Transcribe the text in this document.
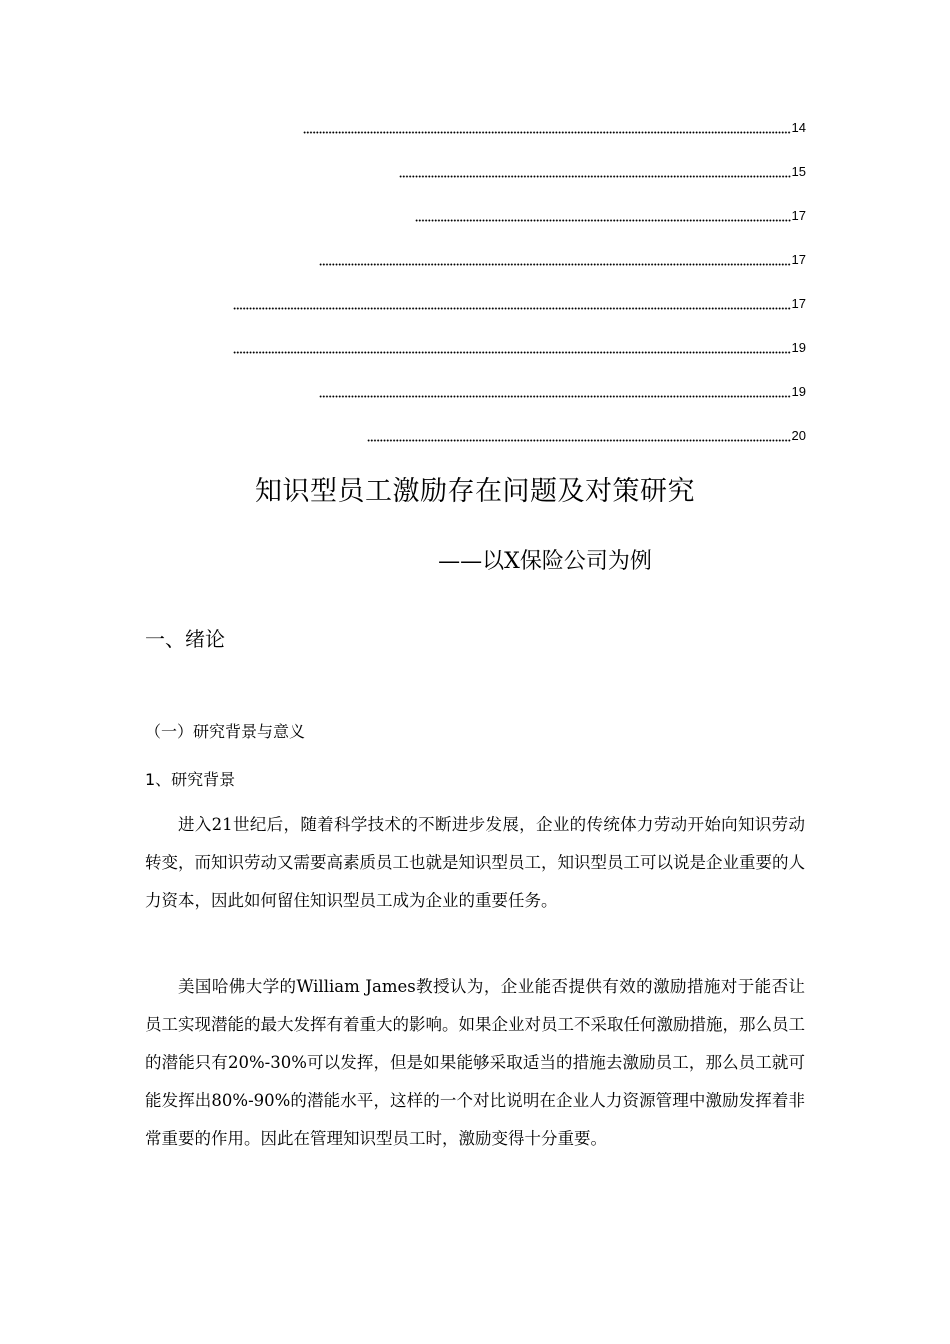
14
15
17
17
17
19
19
20
知识型员工激励存在问题及对策研究
——以X保险公司为例
一、绪论
（一）研究背景与意义
1、研究背景

进入21世纪后，随着科学技术的不断进步发展，企业的传统体力劳动开始向知识劳动转变，而知识劳动又需要高素质员工也就是知识型员工，知识型员工可以说是企业重要的人力资本，因此如何留住知识型员工成为企业的重要任务。

美国哈佛大学的William James教授认为，企业能否提供有效的激励措施对于能否让员工实现潜能的最大发挥有着重大的影响。如果企业对员工不采取任何激励措施，那么员工的潜能只有20%-30%可以发挥，但是如果能够采取适当的措施去激励员工，那么员工就可能发挥出80%-90%的潜能水平，这样的一个对比说明在企业人力资源管理中激励发挥着非常重要的作用。因此在管理知识型员工时，激励变得十分重要。
